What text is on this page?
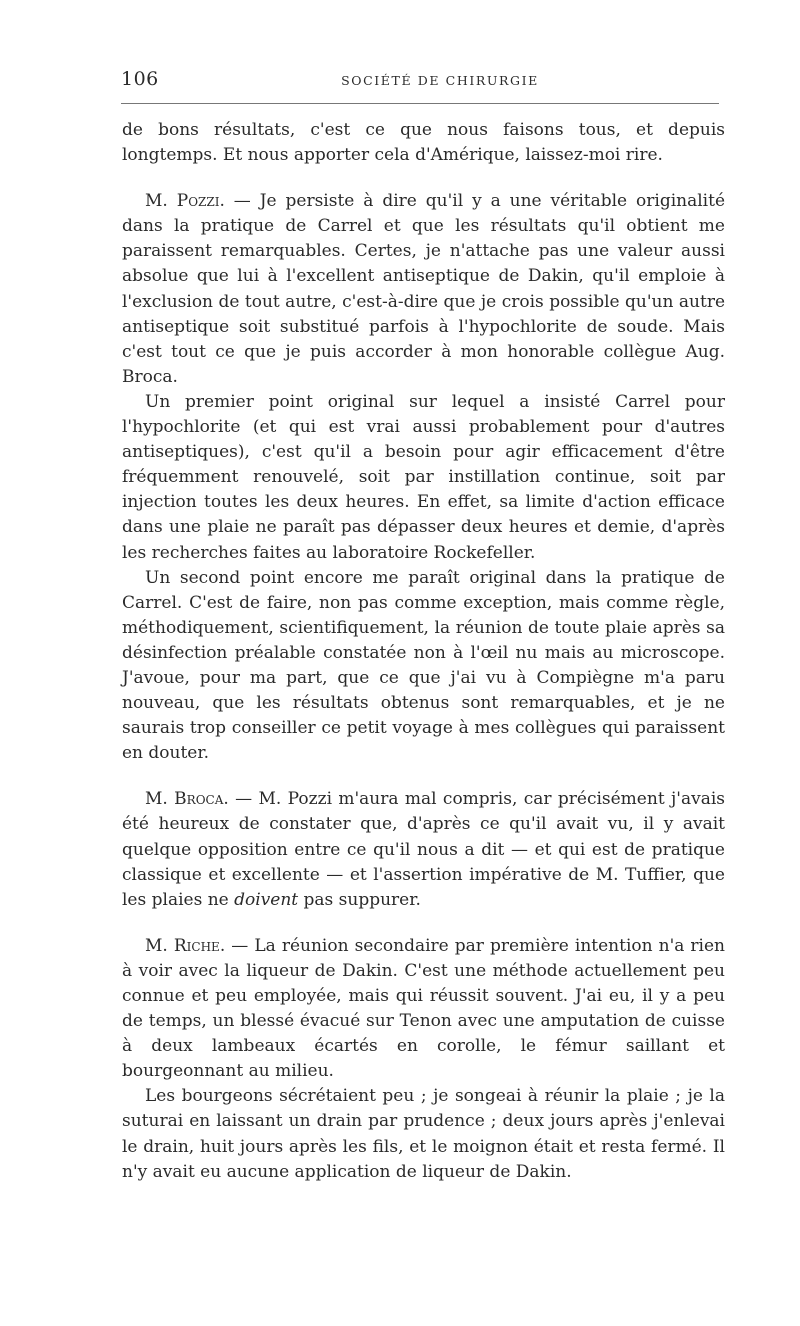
106	SOCIÉTÉ DE CHIRURGIE

de bons résultats, c'est ce que nous faisons tous, et depuis longtemps. Et nous apporter cela d'Amérique, laissez-moi rire.

M. Pozzi. — Je persiste à dire qu'il y a une véritable originalité dans la pratique de Carrel et que les résultats qu'il obtient me paraissent remarquables. Certes, je n'attache pas une valeur aussi absolue que lui à l'excellent antiseptique de Dakin, qu'il emploie à l'exclusion de tout autre, c'est-à-dire que je crois possible qu'un autre antiseptique soit substitué parfois à l'hypochlorite de soude. Mais c'est tout ce que je puis accorder à mon honorable collègue Aug. Broca.

Un premier point original sur lequel a insisté Carrel pour l'hypochlorite (et qui est vrai aussi probablement pour d'autres antiseptiques), c'est qu'il a besoin pour agir efficacement d'être fréquemment renouvelé, soit par instillation continue, soit par injection toutes les deux heures. En effet, sa limite d'action efficace dans une plaie ne paraît pas dépasser deux heures et demie, d'après les recherches faites au laboratoire Rockefeller.

Un second point encore me paraît original dans la pratique de Carrel. C'est de faire, non pas comme exception, mais comme règle, méthodiquement, scientifiquement, la réunion de toute plaie après sa désinfection préalable constatée non à l'œil nu mais au microscope. J'avoue, pour ma part, que ce que j'ai vu à Compiègne m'a paru nouveau, que les résultats obtenus sont remarquables, et je ne saurais trop conseiller ce petit voyage à mes collègues qui paraissent en douter.

M. Broca. — M. Pozzi m'aura mal compris, car précisément j'avais été heureux de constater que, d'après ce qu'il avait vu, il y avait quelque opposition entre ce qu'il nous a dit — et qui est de pratique classique et excellente — et l'assertion impérative de M. Tuffier, que les plaies ne doivent pas suppurer.

M. Riche. — La réunion secondaire par première intention n'a rien à voir avec la liqueur de Dakin. C'est une méthode actuellement peu connue et peu employée, mais qui réussit souvent. J'ai eu, il y a peu de temps, un blessé évacué sur Tenon avec une amputation de cuisse à deux lambeaux écartés en corolle, le fémur saillant et bourgeonnant au milieu.

Les bourgeons sécrétaient peu ; je songeai à réunir la plaie ; je la suturai en laissant un drain par prudence ; deux jours après j'enlevai le drain, huit jours après les fils, et le moignon était et resta fermé. Il n'y avait eu aucune application de liqueur de Dakin.
